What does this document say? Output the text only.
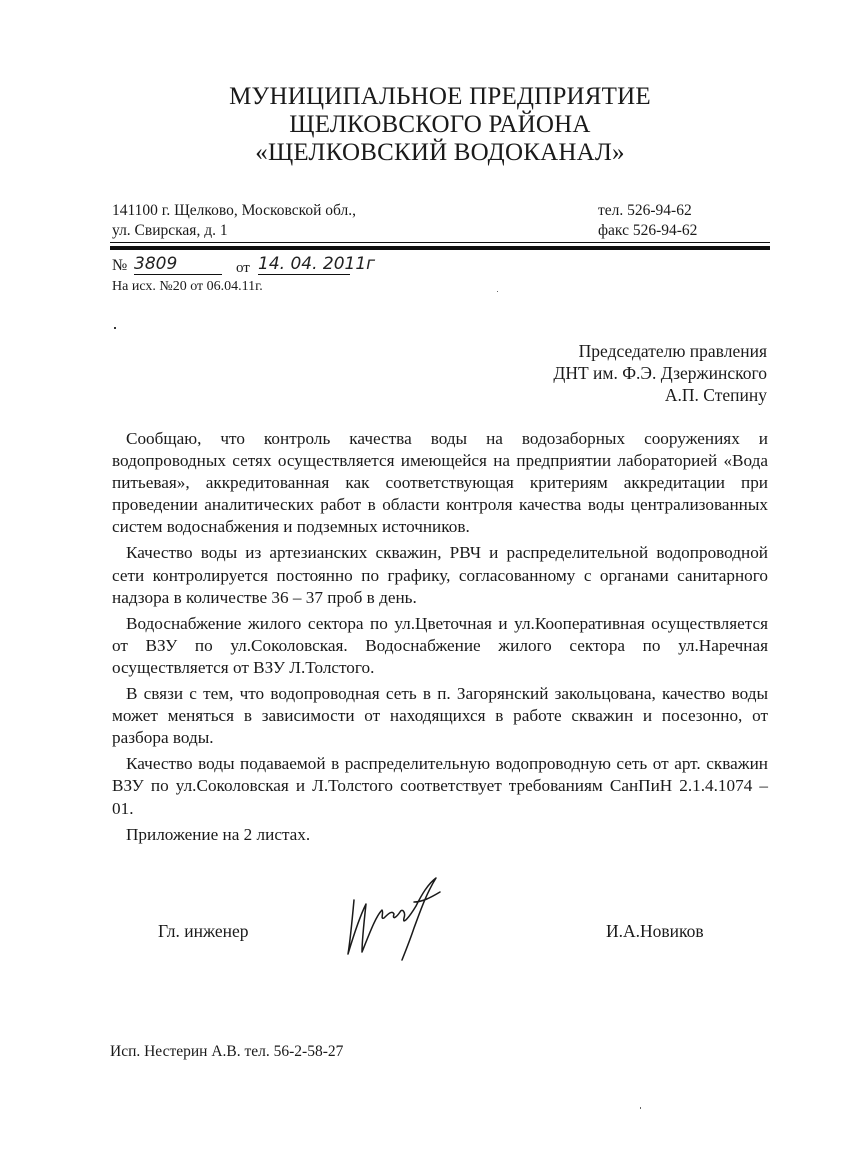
МУНИЦИПАЛЬНОЕ ПРЕДПРИЯТИЕ
ЩЕЛКОВСКОГО РАЙОНА
«ЩЕЛКОВСКИЙ ВОДОКАНАЛ»
141100 г. Щелково, Московской обл.,
ул. Свирская, д. 1
тел. 526-94-62
факс 526-94-62
№ 3809	от 14. 04. 2011г
На исх. №20 от 06.04.11г.
Председателю правления
ДНТ им. Ф.Э. Дзержинского
А.П. Степину

Сообщаю, что контроль качества воды на водозаборных сооружениях и водопроводных сетях осуществляется имеющейся на предприятии лабораторией «Вода питьевая», аккредитованная как соответствующая критериям аккредитации при проведении аналитических работ в области контроля качества воды централизованных систем водоснабжения и подземных источников.

Качество воды из артезианских скважин, РВЧ и распределительной водопроводной сети контролируется постоянно по графику, согласованному с органами санитарного надзора в количестве 36 – 37 проб в день.

Водоснабжение жилого сектора по ул.Цветочная и ул.Кооперативная осуществляется от ВЗУ по ул.Соколовская. Водоснабжение жилого сектора по ул.Наречная осуществляется от ВЗУ Л.Толстого.

В связи с тем, что водопроводная сеть в п. Загорянский закольцована, качество воды может меняться в зависимости от находящихся в работе скважин и посезонно, от разбора воды.

Качество воды подаваемой в распределительную водопроводную сеть от арт. скважин ВЗУ по ул.Соколовская и Л.Толстого соответствует требованиям СанПиН 2.1.4.1074 – 01.

Приложение на 2 листах.

Гл. инженер	И.А.Новиков
Исп. Нестерин А.В. тел. 56-2-58-27
